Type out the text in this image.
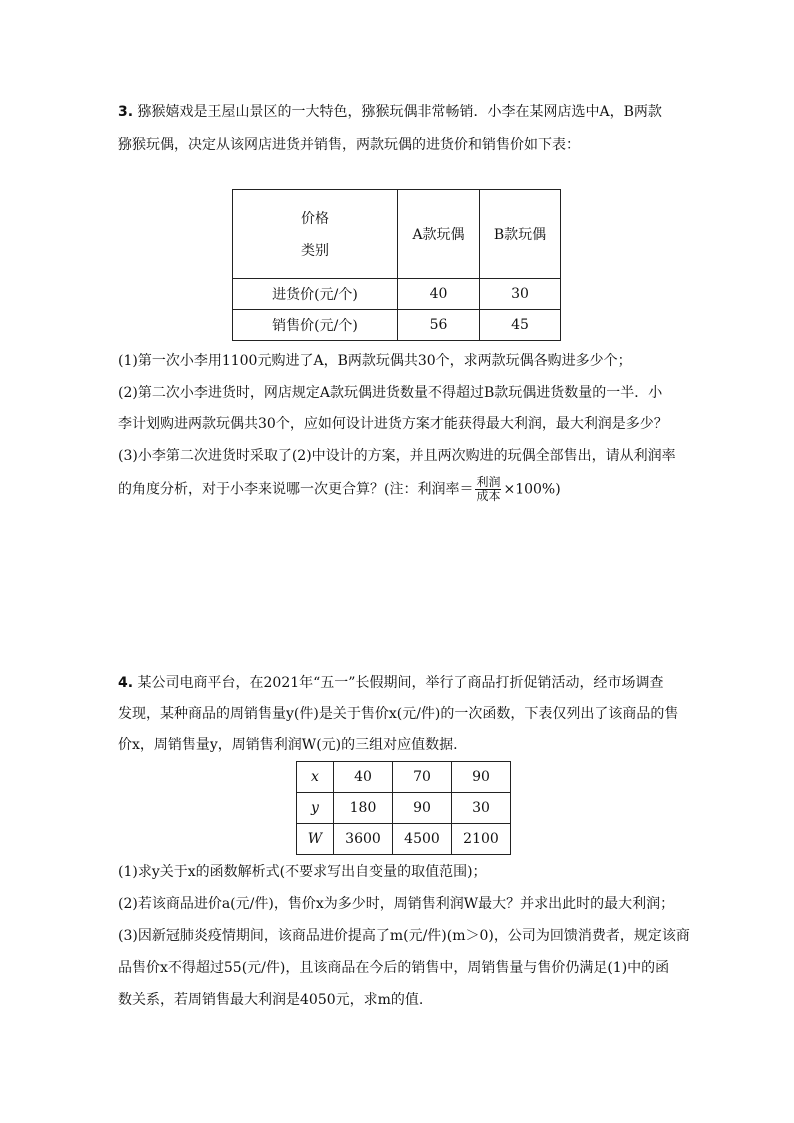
3. 猕猴嬉戏是王屋山景区的一大特色，猕猴玩偶非常畅销．小李在某网店选中A，B两款
猕猴玩偶，决定从该网店进货并销售，两款玩偶的进货价和销售价如下表：
价格
类别	A款玩偶	B款玩偶
进货价(元/个)	40	30
销售价(元/个)	56	45
(1)第一次小李用1100元购进了A，B两款玩偶共30个，求两款玩偶各购进多少个；
(2)第二次小李进货时，网店规定A款玩偶进货数量不得超过B款玩偶进货数量的一半．小
李计划购进两款玩偶共30个，应如何设计进货方案才能获得最大利润，最大利润是多少？
(3)小李第二次进货时采取了(2)中设计的方案，并且两次购进的玩偶全部售出，请从利润率
的角度分析，对于小李来说哪一次更合算？(注：利润率＝ $\frac{\text{利润}}{\text{成本}} \times 100\%$)
4. 某公司电商平台，在2021年“五一”长假期间，举行了商品打折促销活动，经市场调查
发现，某种商品的周销售量y(件)是关于售价x(元/件)的一次函数，下表仅列出了该商品的售
价x，周销售量y，周销售利润W(元)的三组对应值数据.
x	40	70	90
y	180	90	30
W	3600	4500	2100
(1)求y关于x的函数解析式(不要求写出自变量的取值范围)；
(2)若该商品进价a(元/件)，售价x为多少时，周销售利润W最大？并求出此时的最大利润；
(3)因新冠肺炎疫情期间，该商品进价提高了m(元/件)(m＞0)，公司为回馈消费者，规定该商
品售价x不得超过55(元/件)，且该商品在今后的销售中，周销售量与售价仍满足(1)中的函
数关系，若周销售最大利润是4050元，求m的值.
